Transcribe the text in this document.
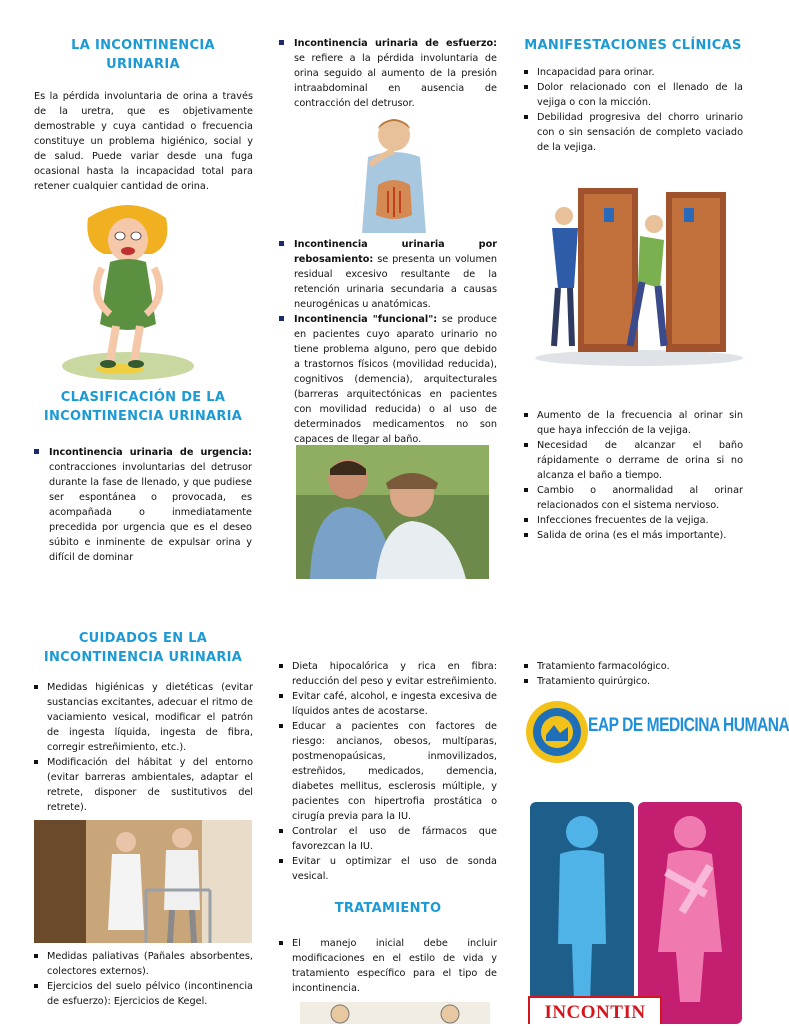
LA INCONTINENCIA URINARIA
Es la pérdida involuntaria de orina a través de la uretra, que es objetivamente demostrable y cuya cantidad o frecuencia constituye un problema higiénico, social y de salud. Puede variar desde una fuga ocasional hasta la incapacidad total para retener cualquier cantidad de orina.
CLASIFICACIÓN DE LA INCONTINENCIA URINARIA
Incontinencia urinaria de urgencia: contracciones involuntarias del detrusor durante la fase de llenado, y que pudiese ser espontánea o provocada, es acompañada o inmediatamente precedida por urgencia que es el deseo súbito e inminente de expulsar orina y difícil de dominar
Incontinencia urinaria de esfuerzo: se refiere a la pérdida involuntaria de orina seguido al aumento de la presión intraabdominal en ausencia de contracción del detrusor.
Incontinencia urinaria por rebosamiento: se presenta un volumen residual excesivo resultante de la retención urinaria secundaria a causas neurogénicas u anatómicas.
Incontinencia "funcional": se produce en pacientes cuyo aparato urinario no tiene problema alguno, pero que debido a trastornos físicos (movilidad reducida), cognitivos (demencia), arquitecturales (barreras arquitectónicas en pacientes con movilidad reducida) o al uso de determinados medicamentos no son capaces de llegar al baño.
MANIFESTACIONES CLÍNICAS
Incapacidad para orinar.
Dolor relacionado con el llenado de la vejiga o con la micción.
Debilidad progresiva del chorro urinario con o sin sensación de completo vaciado de la vejiga.
Aumento de la frecuencia al orinar sin que haya infección de la vejiga.
Necesidad de alcanzar el baño rápidamente o derrame de orina si no alcanza el baño a tiempo.
Cambio o anormalidad al orinar relacionados con el sistema nervioso.
Infecciones frecuentes de la vejiga.
Salida de orina (es el más importante).
CUIDADOS EN LA INCONTINENCIA URINARIA
Medidas higiénicas y dietéticas (evitar sustancias excitantes, adecuar el ritmo de vaciamiento vesical, modificar el patrón de ingesta líquida, ingesta de fibra, corregir estreñimiento, etc.).
Modificación del hábitat y del entorno (evitar barreras ambientales, adaptar el retrete, disponer de sustitutivos del retrete).
Medidas paliativas (Pañales absorbentes, colectores externos).
Ejercicios del suelo pélvico (incontinencia de esfuerzo): Ejercicios de Kegel.
Dieta hipocalórica y rica en fibra: reducción del peso y evitar estreñimiento.
Evitar café, alcohol, e ingesta excesiva de líquidos antes de acostarse.
Educar a pacientes con factores de riesgo: ancianos, obesos, multíparas, postmenopaúsicas, inmovilizados, estreñidos, medicados, demencia, diabetes mellitus, esclerosis múltiple, y pacientes con hipertrofia prostática o cirugía previa para la IU.
Controlar el uso de fármacos que favorezcan la IU.
Evitar u optimizar el uso de sonda vesical.
TRATAMIENTO
El manejo inicial debe incluir modificaciones en el estilo de vida y tratamiento específico para el tipo de incontinencia.
Tratamiento farmacológico.
Tratamiento quirúrgico.
EAP DE MEDICINA HUMANA
INCONTIN
